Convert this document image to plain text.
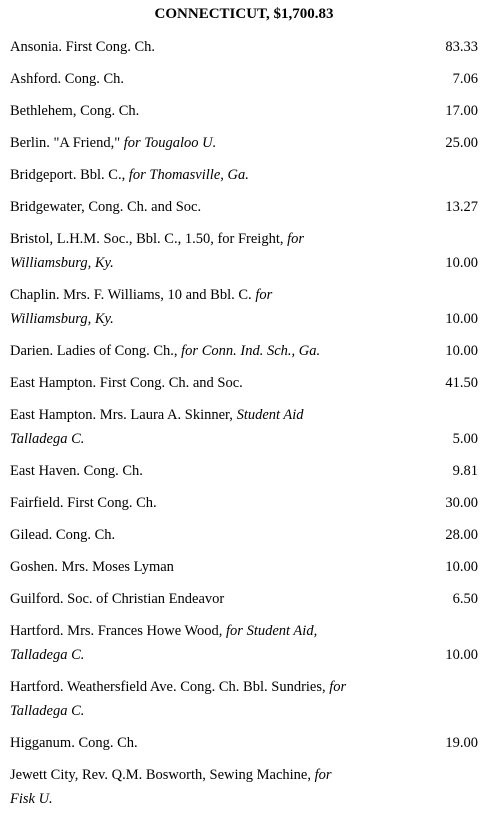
CONNECTICUT, $1,700.83
Ansonia. First Cong. Ch.	83.33
Ashford. Cong. Ch.	7.06
Bethlehem, Cong. Ch.	17.00
Berlin. "A Friend," for Tougaloo U.	25.00
Bridgeport. Bbl. C., for Thomasville, Ga.
Bridgewater, Cong. Ch. and Soc.	13.27
Bristol, L.H.M. Soc., Bbl. C., 1.50, for Freight, for
Williamsburg, Ky.	10.00
Chaplin. Mrs. F. Williams, 10 and Bbl. C. for
Williamsburg, Ky.	10.00
Darien. Ladies of Cong. Ch., for Conn. Ind. Sch., Ga.	10.00
East Hampton. First Cong. Ch. and Soc.	41.50
East Hampton. Mrs. Laura A. Skinner, Student Aid
Talladega C.	5.00
East Haven. Cong. Ch.	9.81
Fairfield. First Cong. Ch.	30.00
Gilead. Cong. Ch.	28.00
Goshen. Mrs. Moses Lyman	10.00
Guilford. Soc. of Christian Endeavor	6.50
Hartford. Mrs. Frances Howe Wood, for Student Aid,
Talladega C.	10.00
Hartford. Weathersfield Ave. Cong. Ch. Bbl. Sundries, for
Talladega C.
Higganum. Cong. Ch.	19.00
Jewett City, Rev. Q.M. Bosworth, Sewing Machine, for
Fisk U.
